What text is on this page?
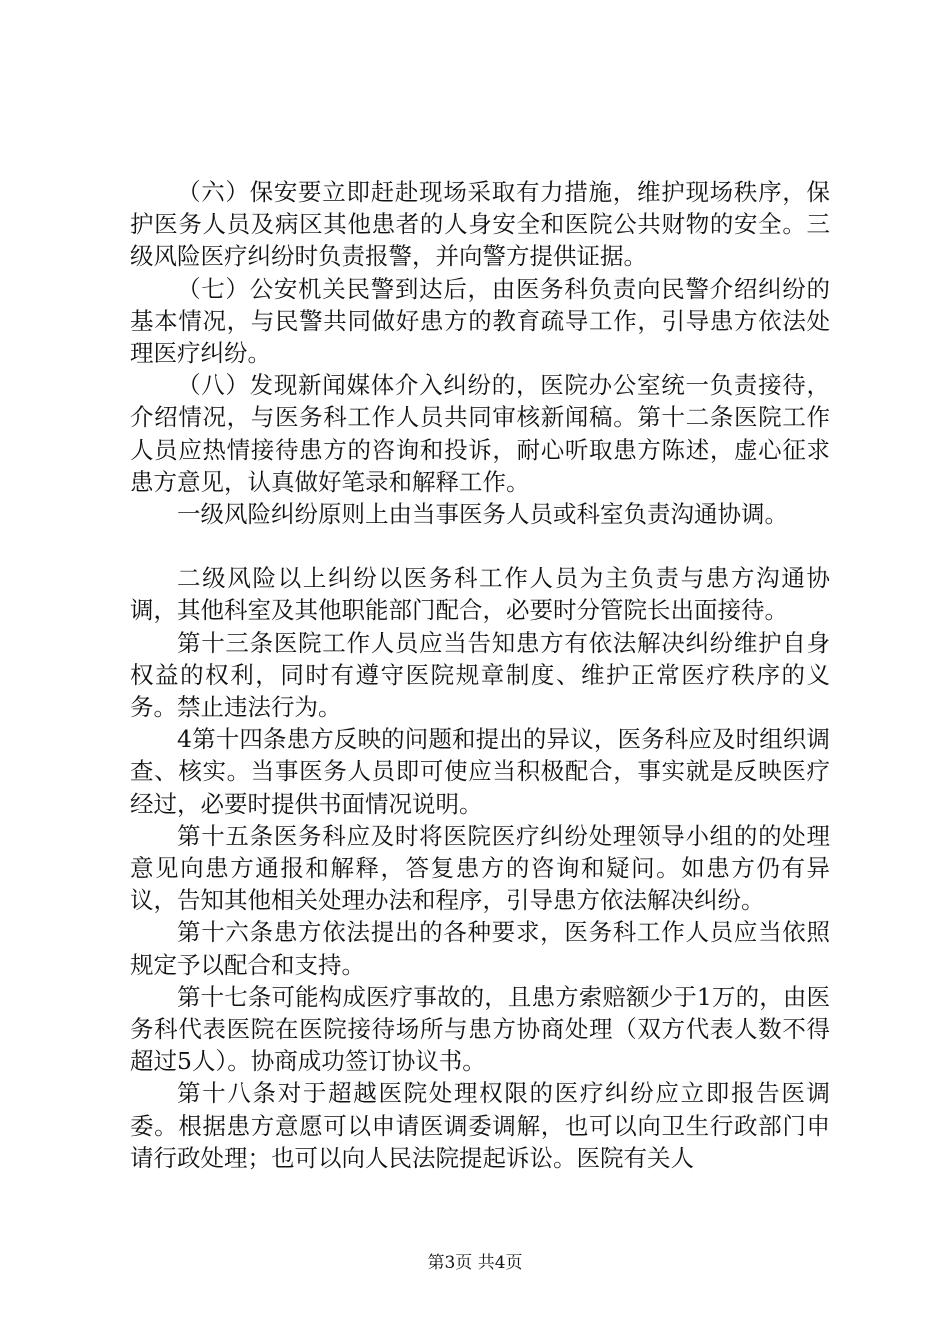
（六）保安要立即赶赴现场采取有力措施，维护现场秩序，保护医务人员及病区其他患者的人身安全和医院公共财物的安全。三级风险医疗纠纷时负责报警，并向警方提供证据。

（七）公安机关民警到达后，由医务科负责向民警介绍纠纷的基本情况，与民警共同做好患方的教育疏导工作，引导患方依法处理医疗纠纷。

（八）发现新闻媒体介入纠纷的，医院办公室统一负责接待，介绍情况，与医务科工作人员共同审核新闻稿。第十二条医院工作人员应热情接待患方的咨询和投诉，耐心听取患方陈述，虚心征求患方意见，认真做好笔录和解释工作。

一级风险纠纷原则上由当事医务人员或科室负责沟通协调。

二级风险以上纠纷以医务科工作人员为主负责与患方沟通协调，其他科室及其他职能部门配合，必要时分管院长出面接待。

第十三条医院工作人员应当告知患方有依法解决纠纷维护自身权益的权利，同时有遵守医院规章制度、维护正常医疗秩序的义务。禁止违法行为。

4第十四条患方反映的问题和提出的异议，医务科应及时组织调查、核实。当事医务人员即可使应当积极配合，事实就是反映医疗经过，必要时提供书面情况说明。

第十五条医务科应及时将医院医疗纠纷处理领导小组的的处理意见向患方通报和解释，答复患方的咨询和疑问。如患方仍有异议，告知其他相关处理办法和程序，引导患方依法解决纠纷。

第十六条患方依法提出的各种要求，医务科工作人员应当依照规定予以配合和支持。

第十七条可能构成医疗事故的，且患方索赔额少于1万的，由医务科代表医院在医院接待场所与患方协商处理（双方代表人数不得超过5人）。协商成功签订协议书。

第十八条对于超越医院处理权限的医疗纠纷应立即报告医调委。根据患方意愿可以申请医调委调解，也可以向卫生行政部门申请行政处理；也可以向人民法院提起诉讼。医院有关人

第3页 共4页
